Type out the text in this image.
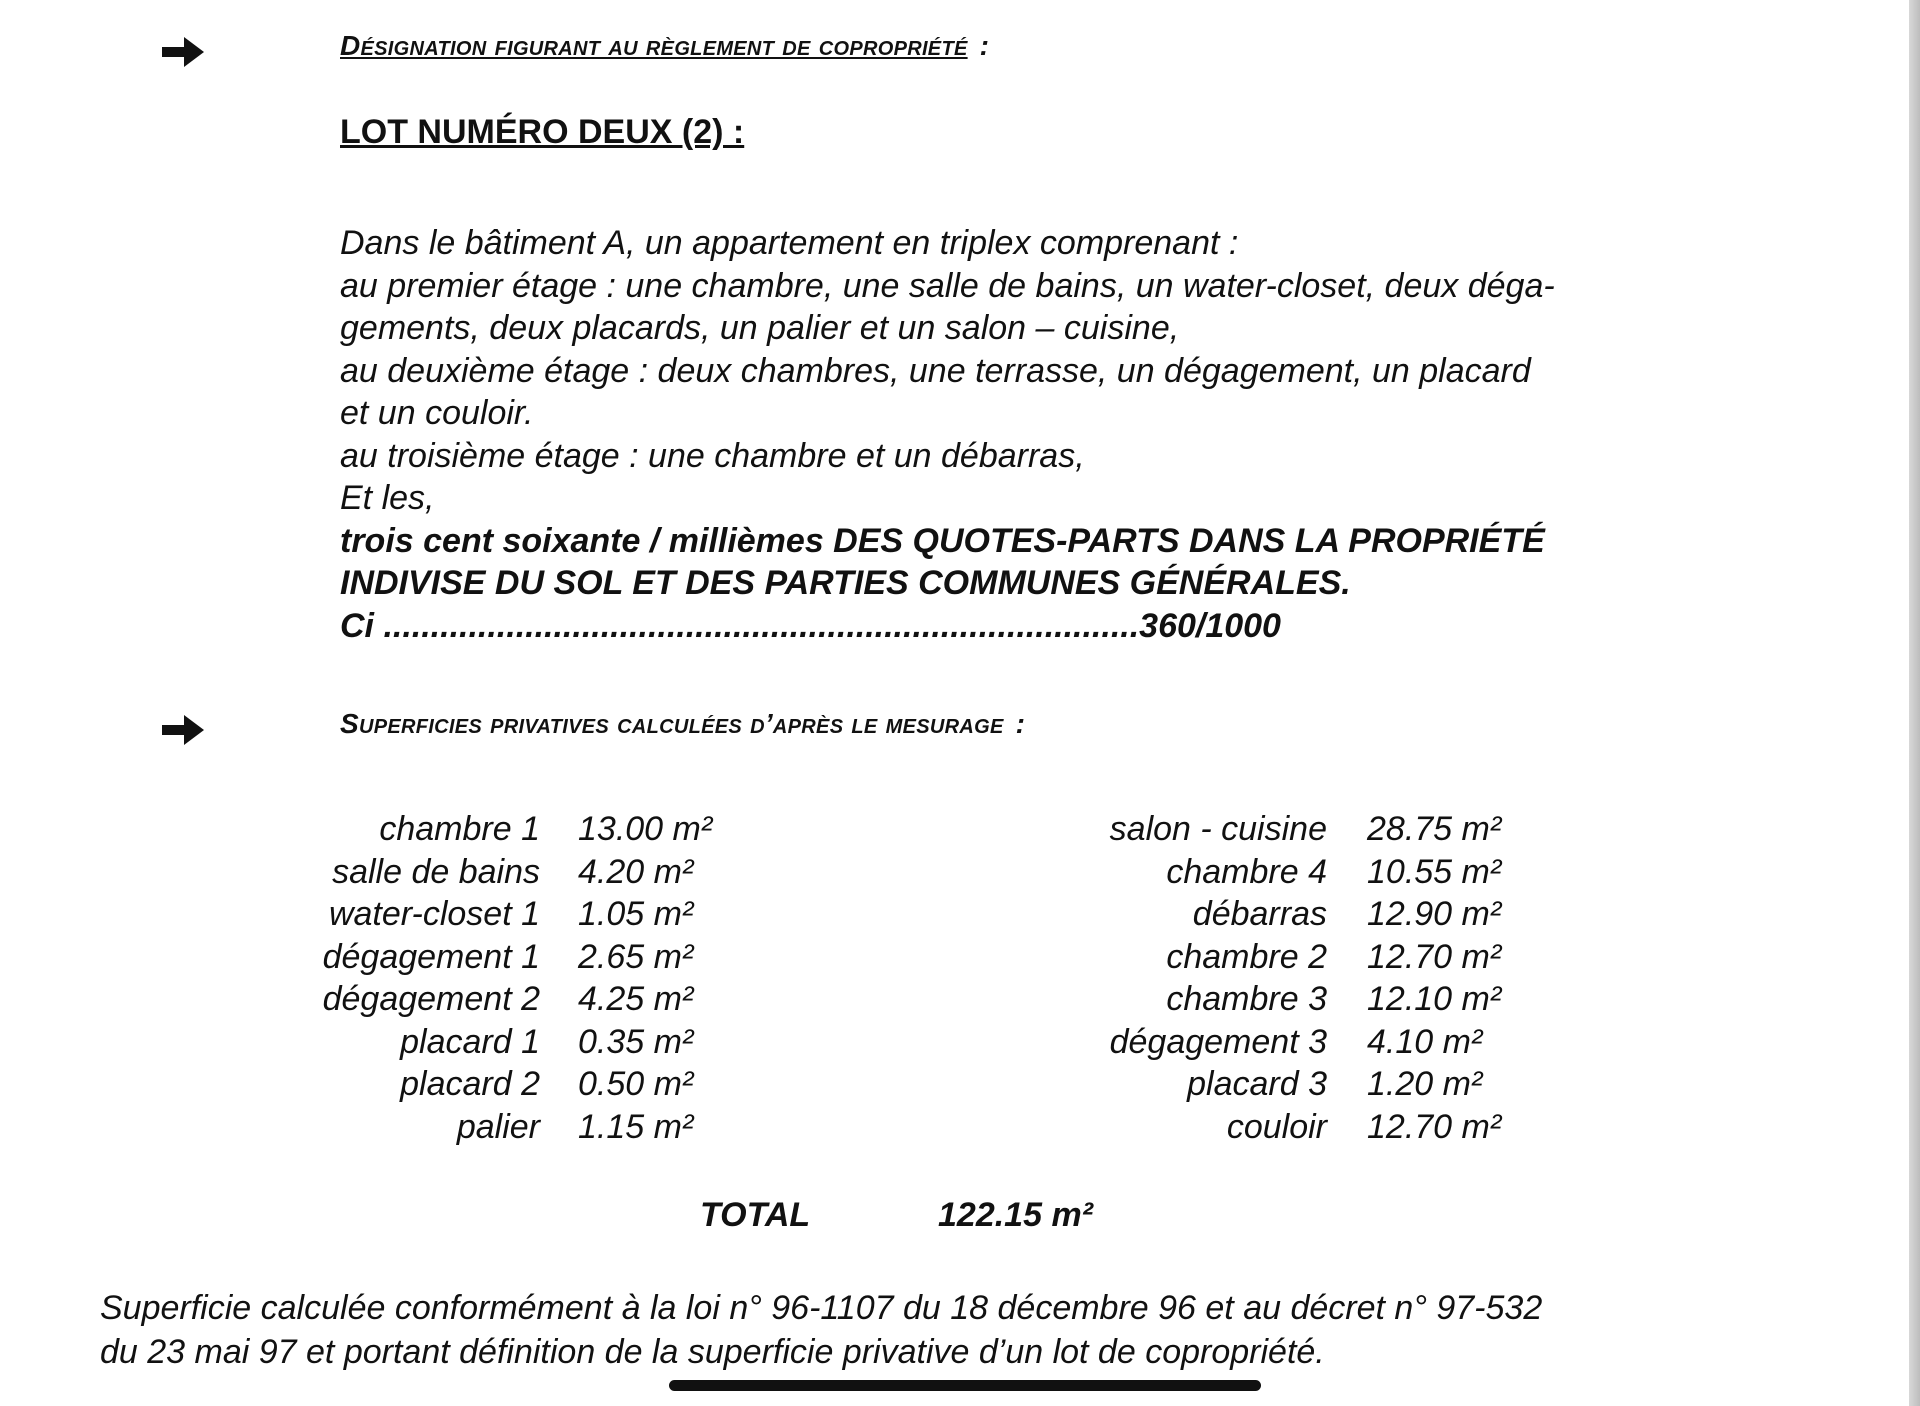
Désignation figurant au règlement de copropriété :
LOT NUMÉRO DEUX (2) :
Dans le bâtiment A, un appartement en triplex comprenant :
au premier étage : une chambre, une salle de bains, un water-closet, deux déga-
gements, deux placards, un palier et un salon – cuisine,
au deuxième étage : deux chambres, une terrasse, un dégagement, un placard
et un couloir.
au troisième étage : une chambre et un débarras,
Et les,
trois cent soixante / millièmes DES QUOTES-PARTS DANS LA PROPRIÉTÉ
INDIVISE DU SOL ET DES PARTIES COMMUNES GÉNÉRALES.
Ci ................................................................................360/1000
Superficies privatives calculées d’après le mesurage :
chambre 1
salle de bains
water-closet 1
dégagement 1
dégagement 2
placard 1
placard 2
palier
13.00 m²
4.20 m²
1.05 m²
2.65 m²
4.25 m²
0.35 m²
0.50 m²
1.15 m²
salon - cuisine
chambre 4
débarras
chambre 2
chambre 3
dégagement 3
placard 3
couloir
28.75 m²
10.55 m²
12.90 m²
12.70 m²
12.10 m²
4.10 m²
1.20 m²
12.70 m²
TOTAL	122.15 m²
Superficie calculée conformément à la loi n° 96-1107 du 18 décembre 96 et au décret n° 97-532
du 23 mai 97 et portant définition de la superficie privative d’un lot de copropriété.
